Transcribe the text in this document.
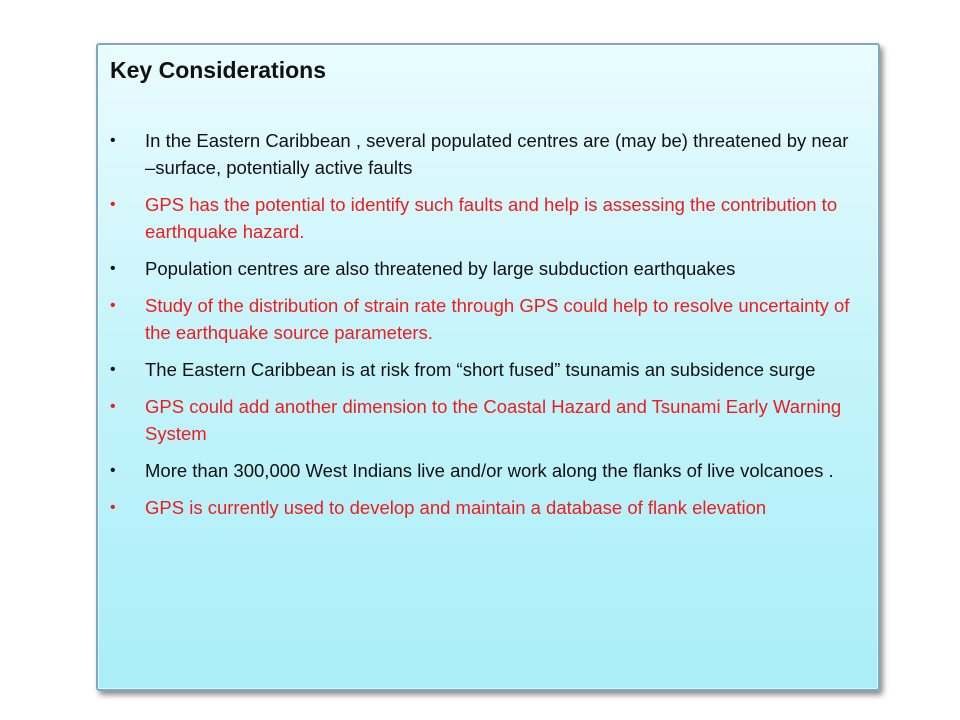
Key Considerations
• In the Eastern Caribbean , several populated centres are (may be) threatened by near –surface, potentially active faults
• GPS has the potential to identify such faults and help is assessing the contribution to earthquake hazard.
• Population centres are also threatened by large subduction earthquakes
• Study of the distribution of strain rate through GPS could help to resolve uncertainty of the earthquake source parameters.
• The Eastern Caribbean is at risk from “short fused” tsunamis an subsidence surge
• GPS could add another dimension to the Coastal Hazard and Tsunami Early Warning System
• More than 300,000 West Indians live and/or work along the flanks of live volcanoes .
• GPS is currently used to develop and maintain a database of flank elevation
